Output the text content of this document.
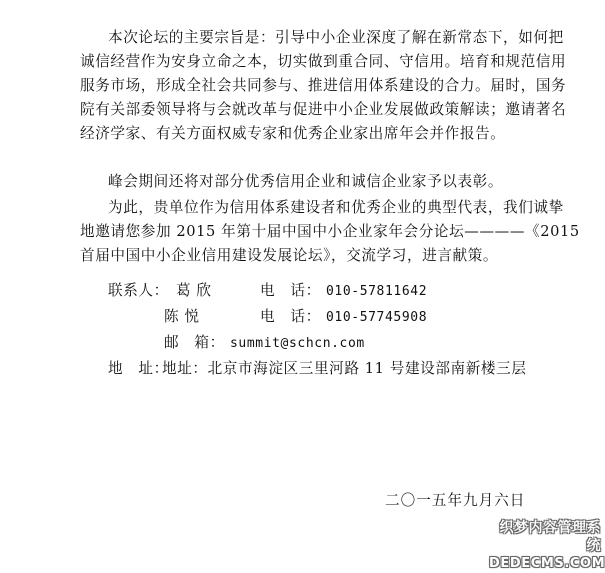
本次论坛的主要宗旨是：引导中小企业深度了解在新常态下，如何把
诚信经营作为安身立命之本，切实做到重合同、守信用。培育和规范信用
服务市场，形成全社会共同参与、推进信用体系建设的合力。届时，国务
院有关部委领导将与会就改革与促进中小企业发展做政策解读；邀请著名
经济学家、有关方面权威专家和优秀企业家出席年会并作报告。

峰会期间还将对部分优秀信用企业和诚信企业家予以表彰。

为此，贵单位作为信用体系建设者和优秀企业的典型代表，我们诚挚
地邀请您参加 2015 年第十届中国中小企业家年会分论坛————《2015
首届中国中小企业信用建设发展论坛》，交流学习，进言献策。

联系人： 葛 欣	电　话： 010-57811642
陈 悦	电　话： 010-57745908
邮　箱： summit@schcn.com
地　址：
地址：北京市海淀区三里河路 11 号建设部南新楼三层
二〇一五年九月六日
织梦内容管理系统
DEDECMS.COM
